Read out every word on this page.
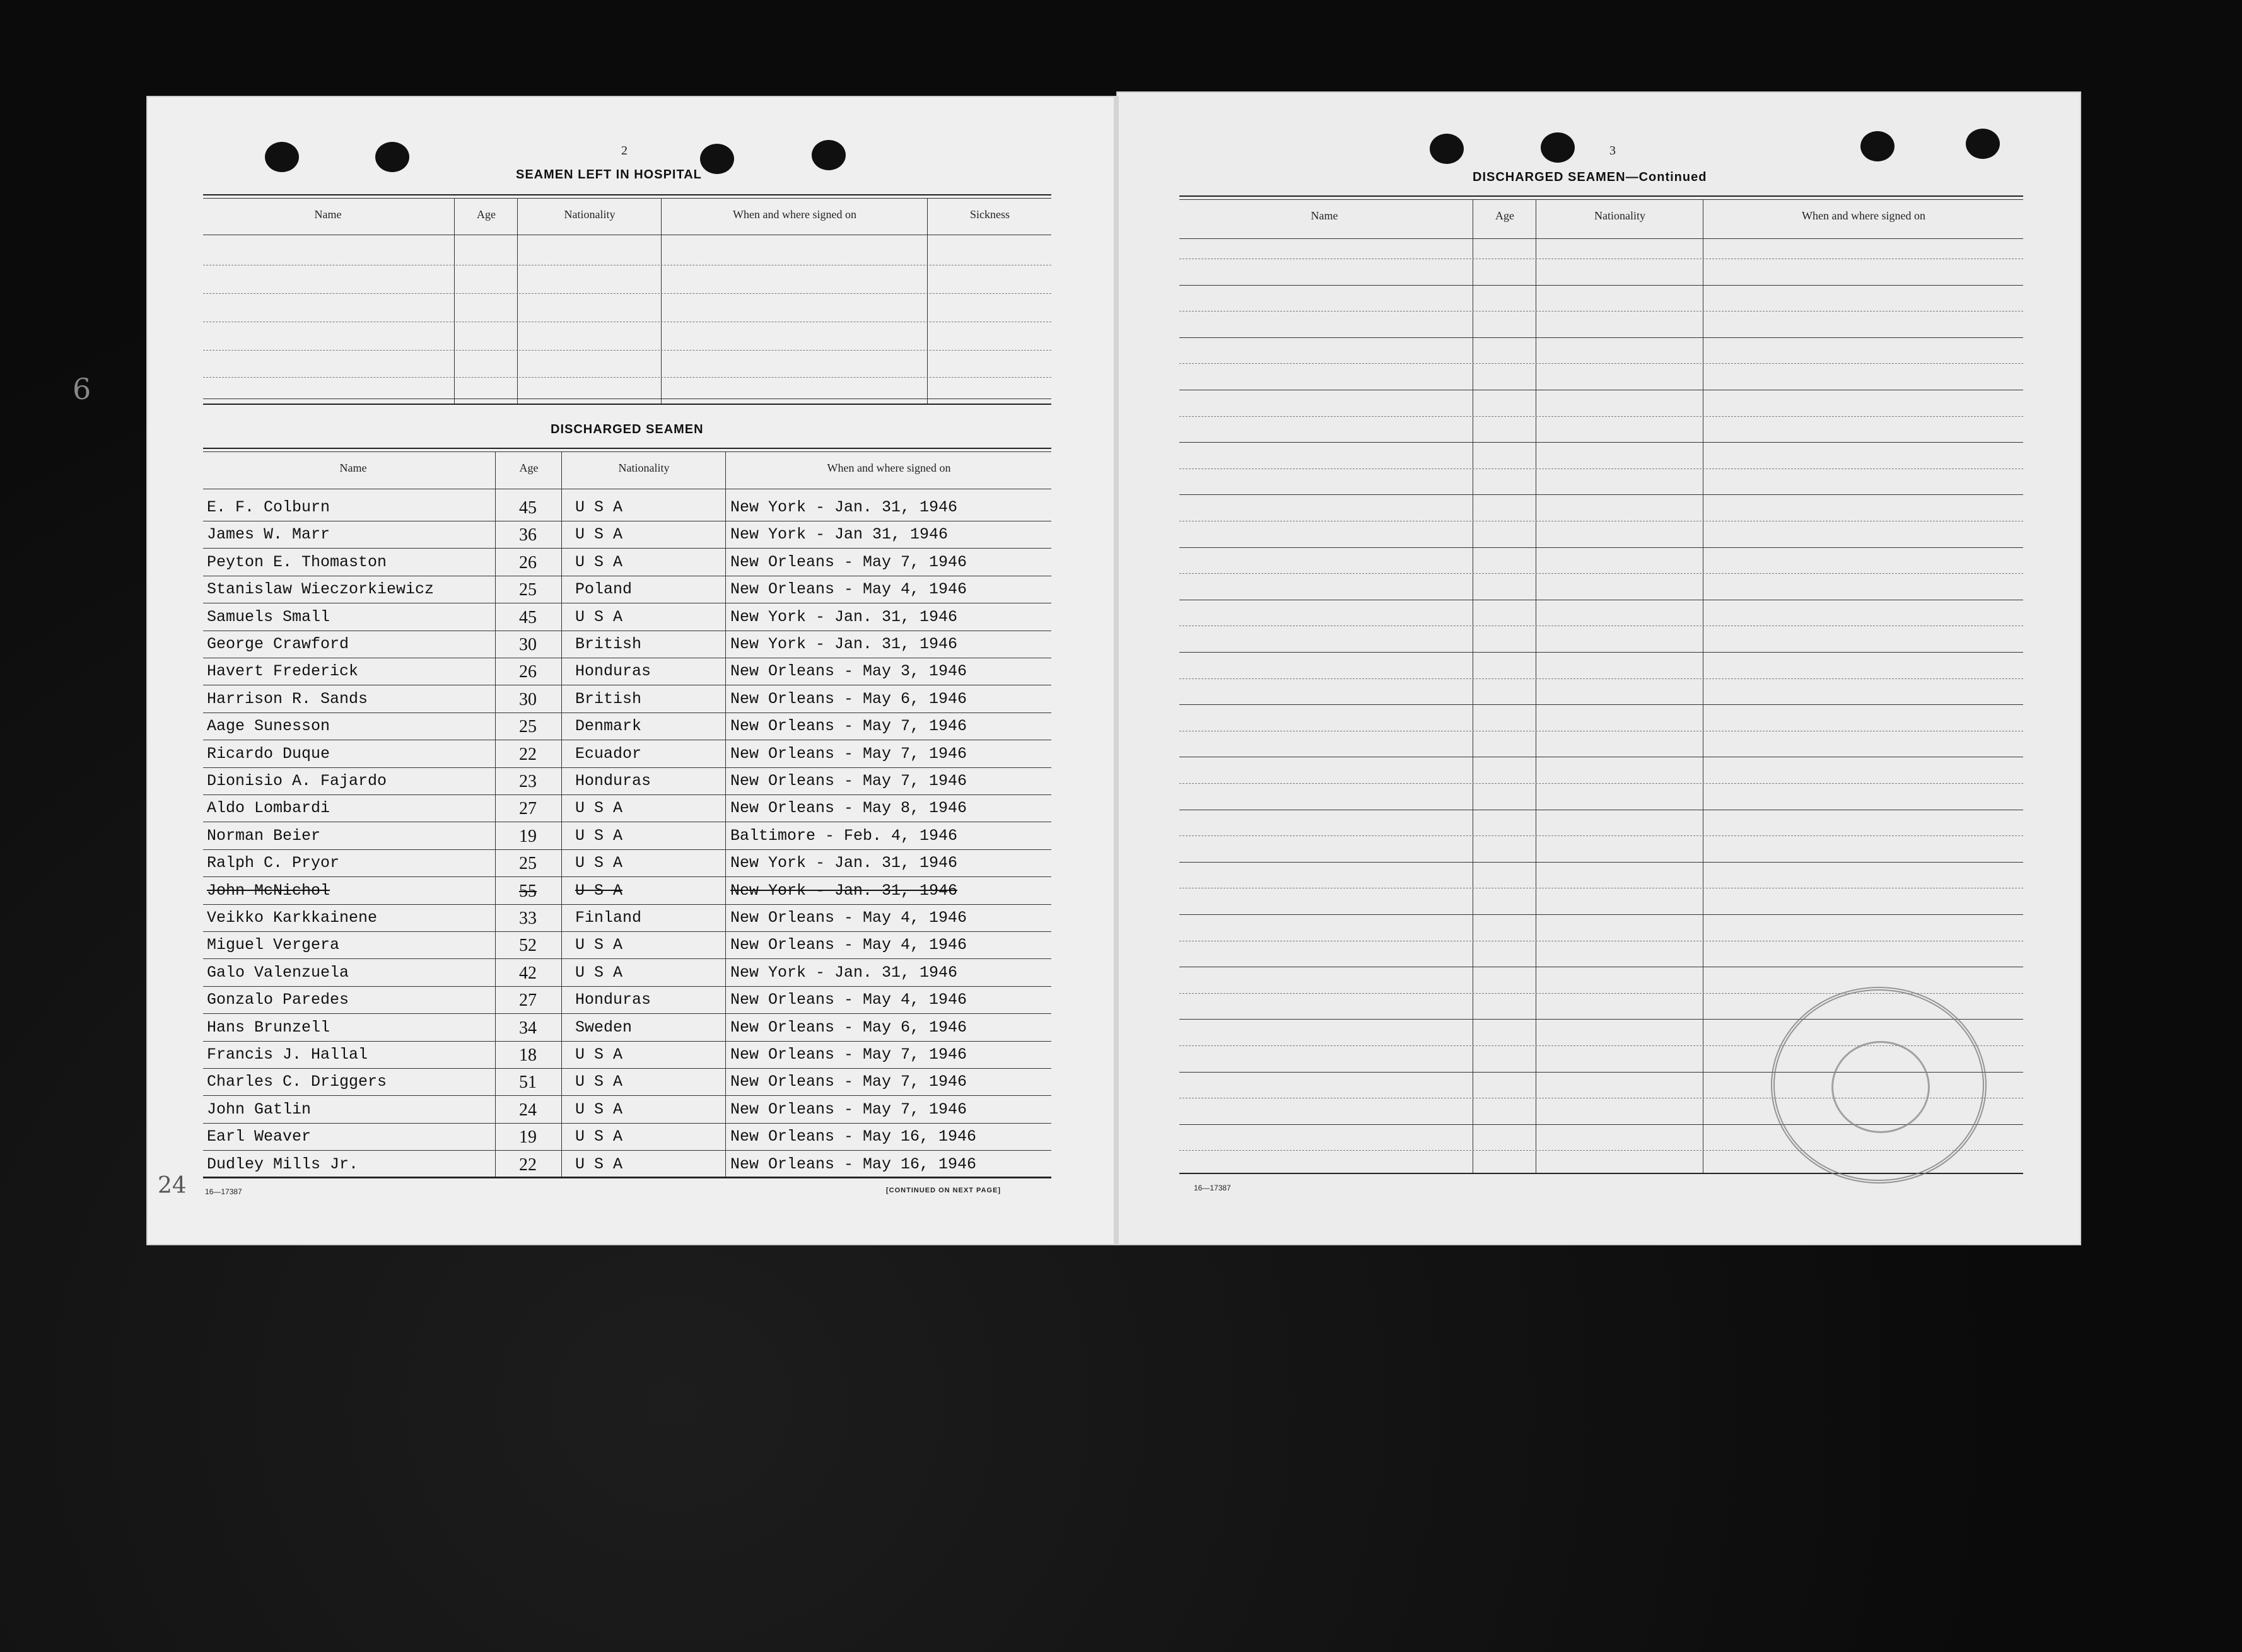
2
SEAMEN LEFT IN HOSPITAL
Name	Age	Nationality	When and where signed on	Sickness
DISCHARGED SEAMEN
Name	Age	Nationality	When and where signed on
E. F. Colburn	45	U S A	New York - Jan. 31, 1946
James W. Marr	36	U S A	New York - Jan 31, 1946
Peyton E. Thomaston	26	U S A	New Orleans - May 7, 1946
Stanislaw Wieczorkiewicz	25	Poland	New Orleans - May 4, 1946
Samuels Small	45	U S A	New York - Jan. 31, 1946
George Crawford	30	British	New York - Jan. 31, 1946
Havert Frederick	26	Honduras	New Orleans - May 3, 1946
Harrison R. Sands	30	British	New Orleans - May 6, 1946
Aage Sunesson	25	Denmark	New Orleans - May 7, 1946
Ricardo Duque	22	Ecuador	New Orleans - May 7, 1946
Dionisio A. Fajardo	23	Honduras	New Orleans - May 7, 1946
Aldo Lombardi	27	U S A	New Orleans - May 8, 1946
Norman Beier	19	U S A	Baltimore - Feb. 4, 1946
Ralph C. Pryor	25	U S A	New York - Jan. 31, 1946
John McNichol	55	U S A	New York - Jan. 31, 1946
Veikko Karkkainene	33	Finland	New Orleans - May 4, 1946
Miguel Vergera	52	U S A	New Orleans - May 4, 1946
Galo Valenzuela	42	U S A	New York - Jan. 31, 1946
Gonzalo Paredes	27	Honduras	New Orleans - May 4, 1946
Hans Brunzell	34	Sweden	New Orleans - May 6, 1946
Francis J. Hallal	18	U S A	New Orleans - May 7, 1946
Charles C. Driggers	51	U S A	New Orleans - May 7, 1946
John Gatlin	24	U S A	New Orleans - May 7, 1946
Earl Weaver	19	U S A	New Orleans - May 16, 1946
Dudley Mills Jr.	22	U S A	New Orleans - May 16, 1946
16—17387	[CONTINUED ON NEXT PAGE]
24
6
3
DISCHARGED SEAMEN—Continued
Name	Age	Nationality	When and where signed on
16—17387
